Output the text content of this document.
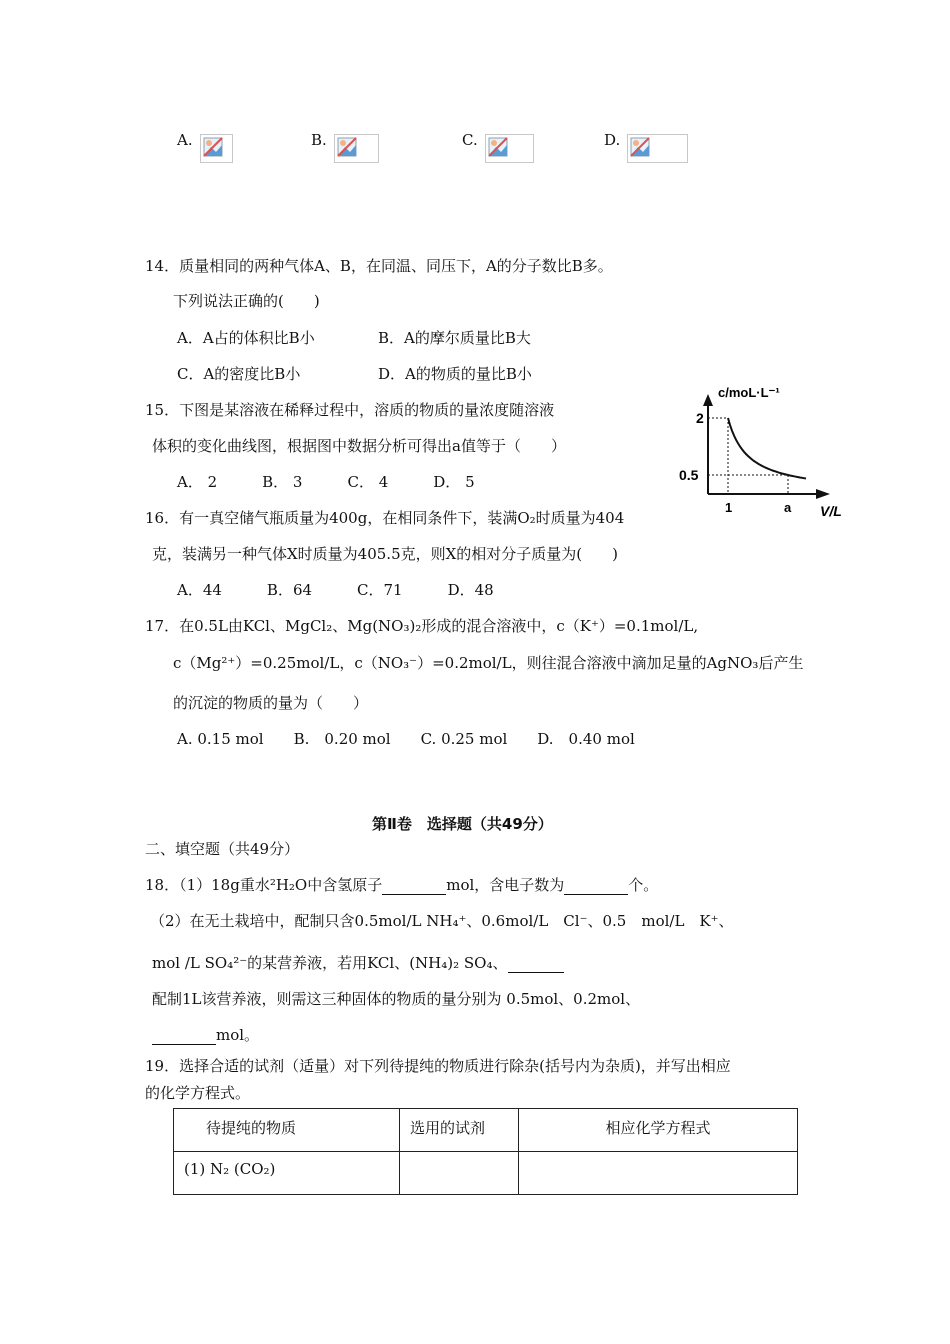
A.	B.	C.	D.
14．质量相同的两种气体A、B，在同温、同压下，A的分子数比B多。
下列说法正确的(　　)
A．A占的体积比B小	B．A的摩尔质量比B大
C．A的密度比B小	D．A的物质的量比B小
15．下图是某溶液在稀释过程中，溶质的物质的量浓度随溶液
体积的变化曲线图，根据图中数据分析可得出a值等于（　　）
A． 2　　　B． 3　　　C． 4　　　D． 5
c/moL·L⁻¹
V/L
2
0.5
1	a
16．有一真空储气瓶质量为400g，在相同条件下，装满O₂时质量为404
克，装满另一种气体X时质量为405.5克，则X的相对分子质量为(　　)
A．44　　　B．64　　　C．71　　　D．48
17．在0.5L由KCl、MgCl₂、Mg(NO₃)₂形成的混合溶液中，c（K⁺）=0.1mol/L,
c（Mg²⁺）=0.25mol/L，c（NO₃⁻）=0.2mol/L，则往混合溶液中滴加足量的AgNO₃后产生
的沉淀的物质的量为（　　）
A. 0.15 mol　　B.　0.20 mol　　C. 0.25 mol　　D.　0.40 mol
第Ⅱ卷　选择题（共49分）
二、填空题（共49分）
18．（1）18g重水²H₂O中含氢原子	mol，含电子数为	个。
（2）在无土栽培中，配制只含0.5mol/L NH₄⁺、0.6mol/L　Cl⁻、0.5　mol/L　K⁺、
mol /L SO₄²⁻的某营养液，若用KCl、(NH₄)₂ SO₄、
配制1L该营养液，则需这三种固体的物质的量分别为 0.5mol、0.2mol、
mol。
19．选择合适的试剂（适量）对下列待提纯的物质进行除杂(括号内为杂质)，并写出相应
的化学方程式。
待提纯的物质	选用的试剂	相应化学方程式
(1) N₂ (CO₂)		
